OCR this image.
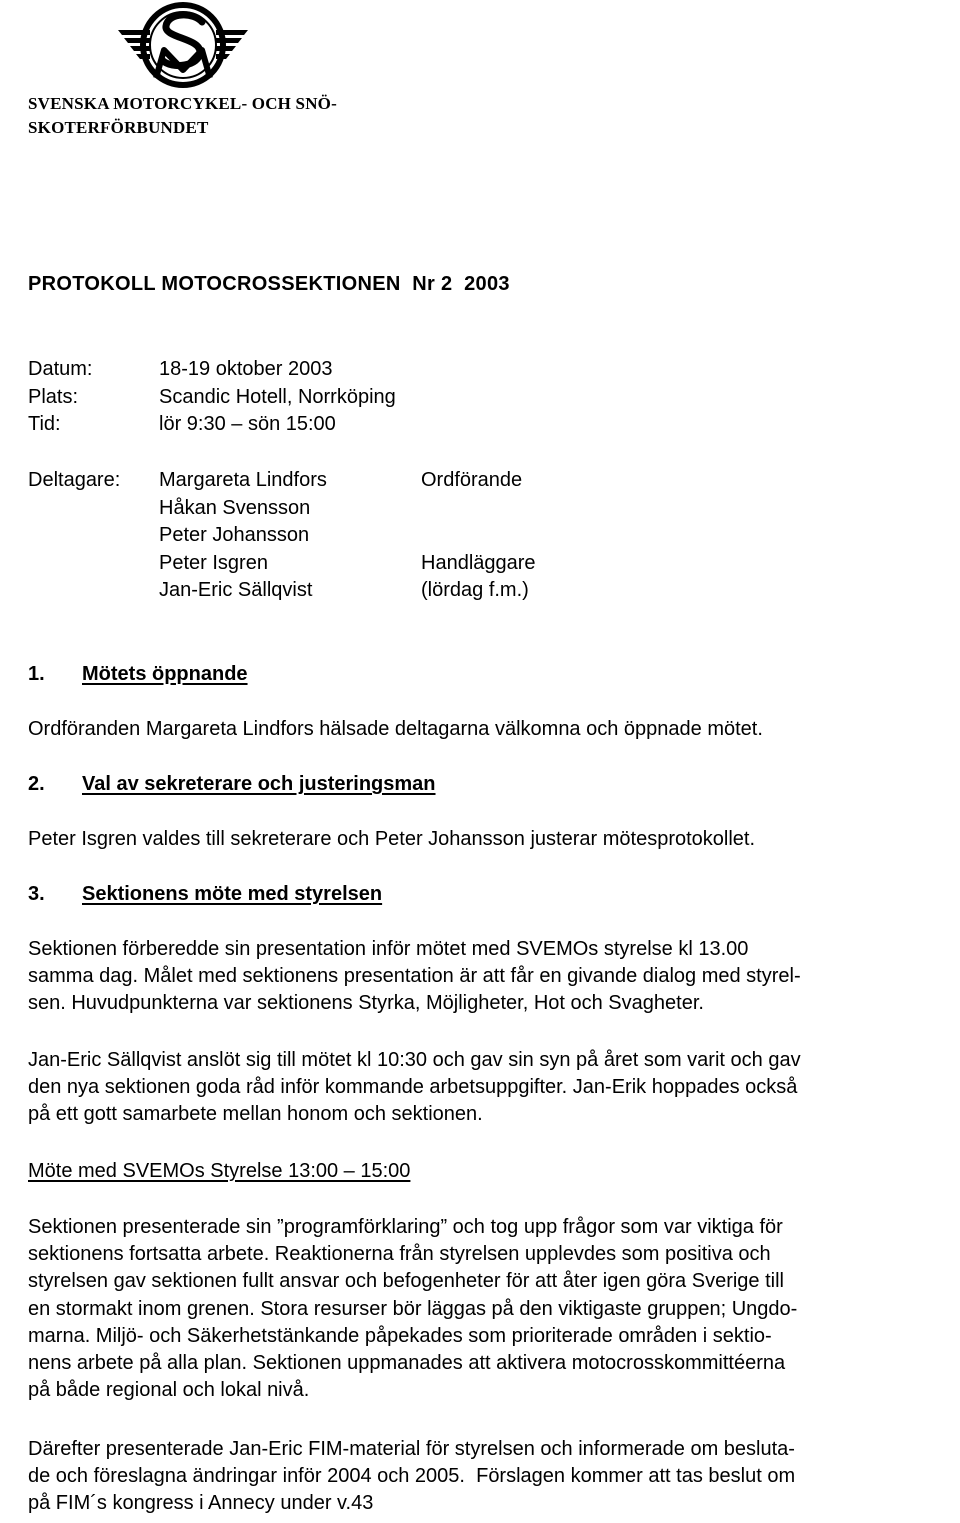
SVENSKA MOTORCYKEL- OCH SNÖ-
SKOTERFÖRBUNDET
PROTOKOLL MOTOCROSSEKTIONEN  Nr 2  2003
Datum:	18-19 oktober 2003
Plats:	Scandic Hotell, Norrköping
Tid:	lör 9:30 – sön 15:00
Deltagare: Margareta Lindfors	Ordförande
Håkan Svensson
Peter Johansson
Peter Isgren	Handläggare
Jan-Eric Sällqvist	(lördag f.m.)
1. Mötets öppnande
Ordföranden Margareta Lindfors hälsade deltagarna välkomna och öppnade mötet.
2. Val av sekreterare och justeringsman
Peter Isgren valdes till sekreterare och Peter Johansson justerar mötesprotokollet.
3. Sektionens möte med styrelsen
Sektionen förberedde sin presentation inför mötet med SVEMOs styrelse kl 13.00
samma dag. Målet med sektionens presentation är att får en givande dialog med styrel-
sen. Huvudpunkterna var sektionens Styrka, Möjligheter, Hot och Svagheter.
Jan-Eric Sällqvist anslöt sig till mötet kl 10:30 och gav sin syn på året som varit och gav
den nya sektionen goda råd inför kommande arbetsuppgifter. Jan-Erik hoppades också
på ett gott samarbete mellan honom och sektionen.
Möte med SVEMOs Styrelse 13:00 – 15:00
Sektionen presenterade sin ”programförklaring” och tog upp frågor som var viktiga för
sektionens fortsatta arbete. Reaktionerna från styrelsen upplevdes som positiva och
styrelsen gav sektionen fullt ansvar och befogenheter för att åter igen göra Sverige till
en stormakt inom grenen. Stora resurser bör läggas på den viktigaste gruppen; Ungdo-
marna. Miljö- och Säkerhetstänkande påpekades som prioriterade områden i sektio-
nens arbete på alla plan. Sektionen uppmanades att aktivera motocrosskommittéerna
på både regional och lokal nivå.
Därefter presenterade Jan-Eric FIM-material för styrelsen och informerade om besluta-
de och föreslagna ändringar inför 2004 och 2005.  Förslagen kommer att tas beslut om
på FIM´s kongress i Annecy under v.43
